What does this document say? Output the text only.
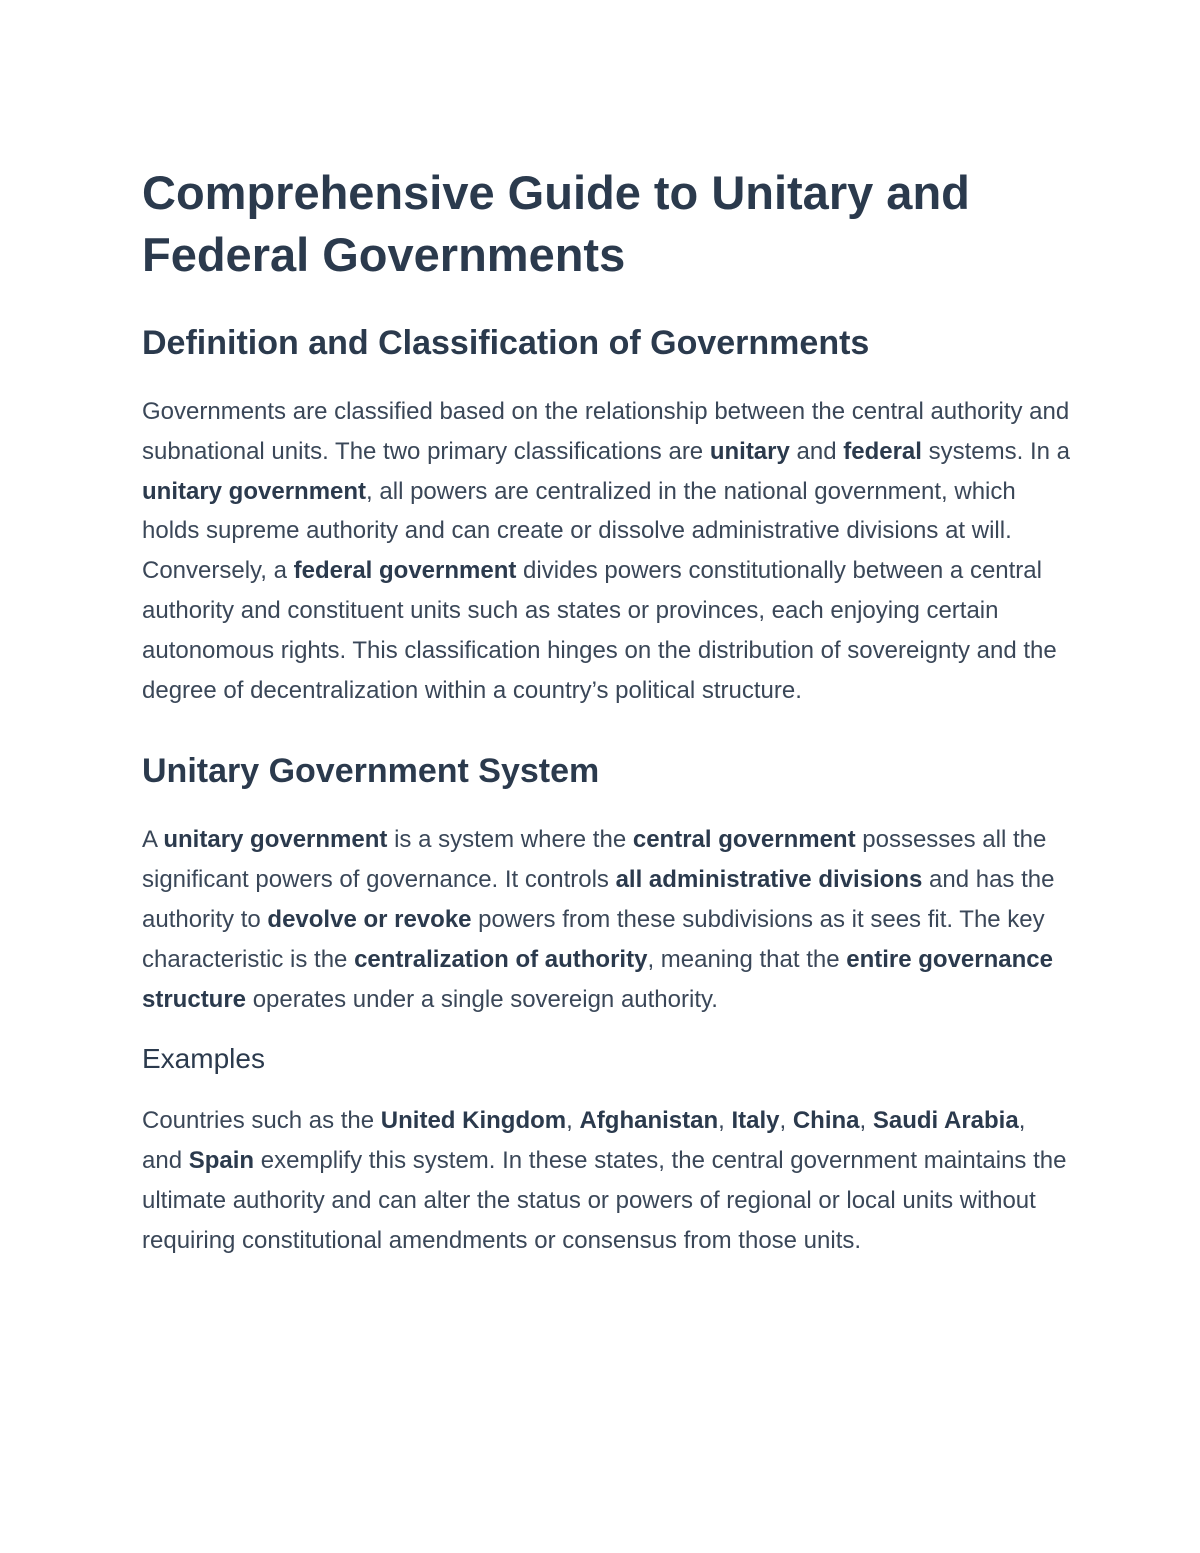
Comprehensive Guide to Unitary and Federal Governments
Definition and Classification of Governments

Governments are classified based on the relationship between the central authority and subnational units. The two primary classifications are unitary and federal systems. In a unitary government, all powers are centralized in the national government, which holds supreme authority and can create or dissolve administrative divisions at will. Conversely, a federal government divides powers constitutionally between a central authority and constituent units such as states or provinces, each enjoying certain autonomous rights. This classification hinges on the distribution of sovereignty and the degree of decentralization within a country’s political structure.

Unitary Government System

A unitary government is a system where the central government possesses all the significant powers of governance. It controls all administrative divisions and has the authority to devolve or revoke powers from these subdivisions as it sees fit. The key characteristic is the centralization of authority, meaning that the entire governance structure operates under a single sovereign authority.

Examples

Countries such as the United Kingdom, Afghanistan, Italy, China, Saudi Arabia, and Spain exemplify this system. In these states, the central government maintains the ultimate authority and can alter the status or powers of regional or local units without requiring constitutional amendments or consensus from those units.
